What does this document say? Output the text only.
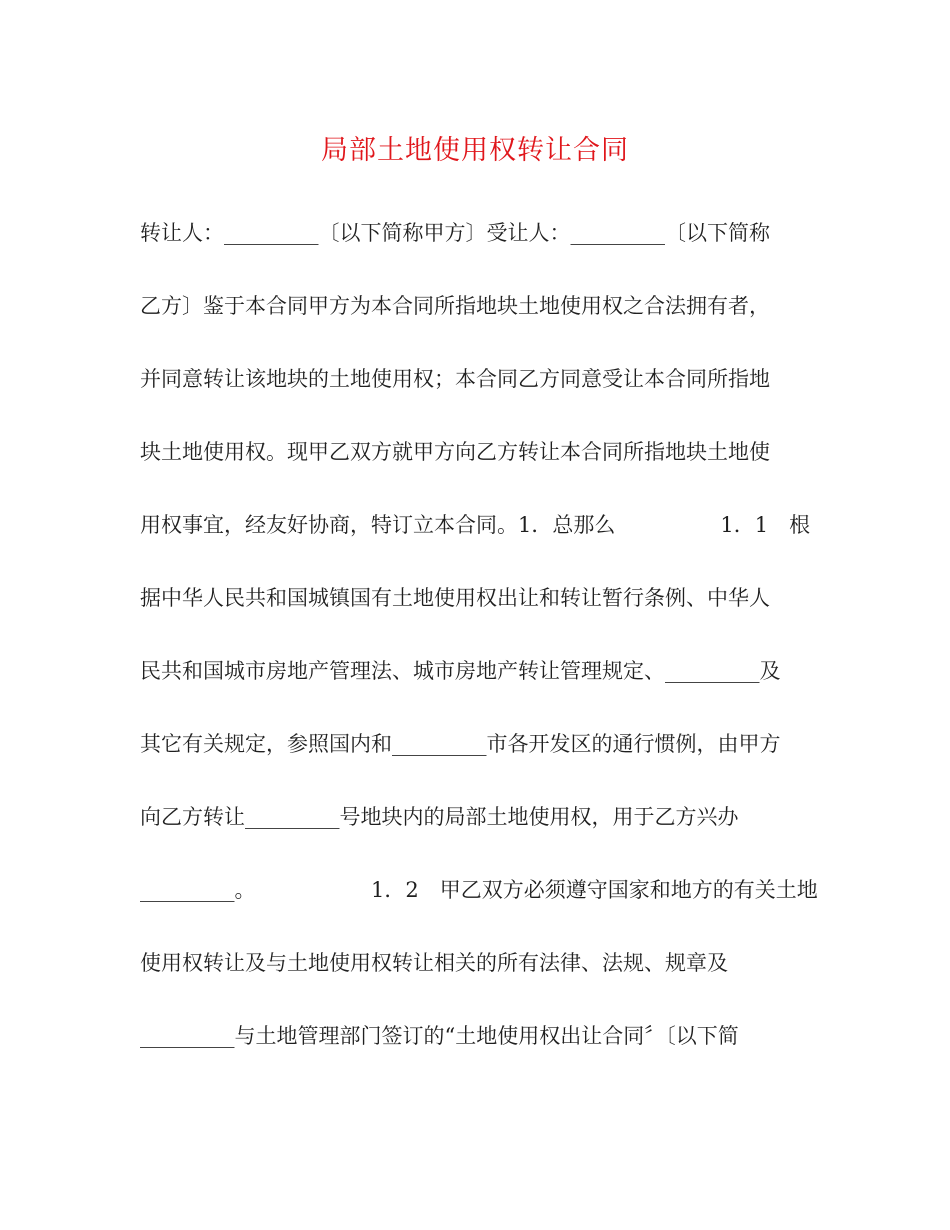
局部土地使用权转让合同
转让人：_________〔以下简称甲方〕受让人：_________〔以下简称
乙方〕鉴于本合同甲方为本合同所指地块土地使用权之合法拥有者，
并同意转让该地块的土地使用权；本合同乙方同意受让本合同所指地
块土地使用权。现甲乙双方就甲方向乙方转让本合同所指地块土地使
用权事宜，经友好协商，特订立本合同。1．总那么　　　　　1．1　根
据中华人民共和国城镇国有土地使用权出让和转让暂行条例、中华人
民共和国城市房地产管理法、城市房地产转让管理规定、_________及
其它有关规定，参照国内和_________市各开发区的通行惯例，由甲方
向乙方转让_________号地块内的局部土地使用权，用于乙方兴办
_________。　　　　　　1．2　甲乙双方必须遵守国家和地方的有关土地
使用权转让及与土地使用权转让相关的所有法律、法规、规章及
_________与土地管理部门签订的“土地使用权出让合同〞〔以下简
